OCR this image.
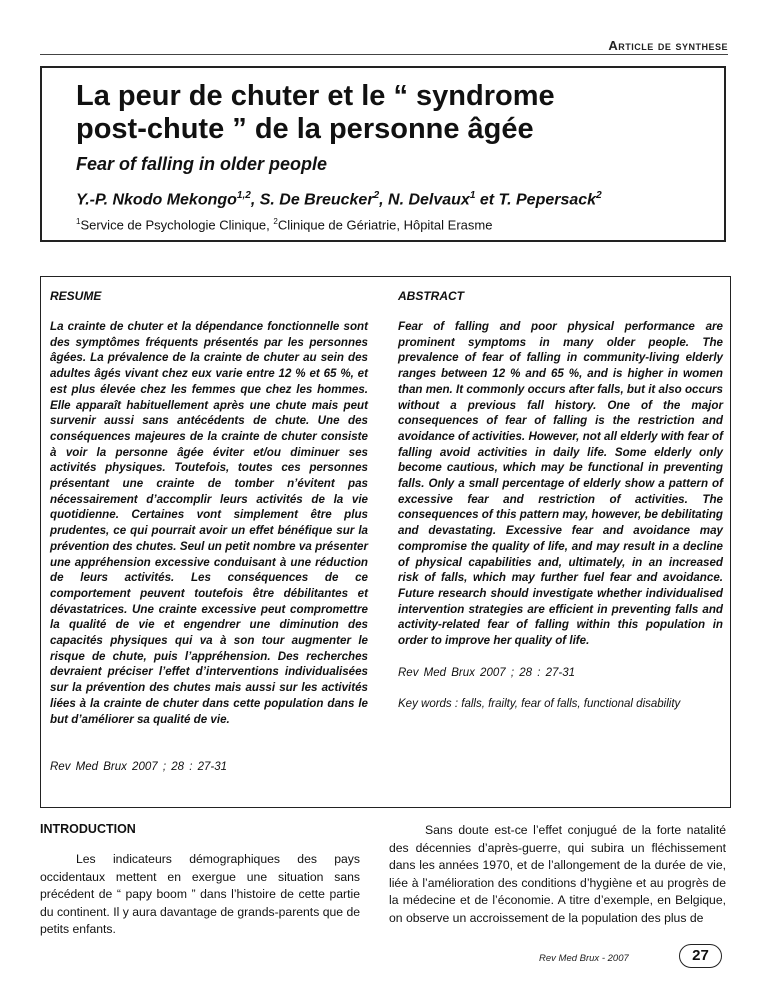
Article de synthese
La peur de chuter et le “ syndrome
post-chute ” de la personne âgée
Fear of falling in older people
Y.-P. Nkodo Mekongo$^{1,2}$, S. De Breucker$^2$, N. Delvaux$^1$ et T. Pepersack$^2$
$^1$Service de Psychologie Clinique, $^2$Clinique de Gériatrie, Hôpital Erasme

RESUME

La crainte de chuter et la dépendance fonctionnelle sont des symptômes fréquents présentés par les personnes âgées. La prévalence de la crainte de chuter au sein des adultes âgés vivant chez eux varie entre 12 % et 65 %, et est plus élevée chez les femmes que chez les hommes. Elle apparaît habituellement après une chute mais peut survenir aussi sans antécédents de chute. Une des conséquences majeures de la crainte de chuter consiste à voir la personne âgée éviter et/ou diminuer ses activités physiques. Toutefois, toutes ces personnes présentant une crainte de tomber n’évitent pas nécessairement d’accomplir leurs activités de la vie quotidienne. Certaines vont simplement être plus prudentes, ce qui pourrait avoir un effet bénéfique sur la prévention des chutes. Seul un petit nombre va présenter une appréhension excessive conduisant à une réduction de leurs activités. Les conséquences de ce comportement peuvent toutefois être débilitantes et dévastatrices. Une crainte excessive peut compromettre la qualité de vie et engendrer une diminution des capacités physiques qui va à son tour augmenter le risque de chute, puis l’appréhension. Des recherches devraient préciser l’effet d’interventions individualisées sur la prévention des chutes mais aussi sur les activités liées à la crainte de chuter dans cette population dans le but d’améliorer sa qualité de vie.

Rev Med Brux 2007 ; 28 : 27-31

ABSTRACT

Fear of falling and poor physical performance are prominent symptoms in many older people. The prevalence of fear of falling in community-living elderly ranges between 12 % and 65 %, and is higher in women than men. It commonly occurs after falls, but it also occurs without a previous fall history. One of the major consequences of fear of falling is the restriction and avoidance of activities. However, not all elderly with fear of falling avoid activities in daily life. Some elderly only become cautious, which may be functional in preventing falls. Only a small percentage of elderly show a pattern of excessive fear and restriction of activities. The consequences of this pattern may, however, be debilitating and devastating. Excessive fear and avoidance may compromise the quality of life, and may result in a decline of physical capabilities and, ultimately, in an increased risk of falls, which may further fuel fear and avoidance. Future research should investigate whether individualised intervention strategies are efficient in preventing falls and activity-related fear of falling within this population in order to improve her quality of life.

Rev Med Brux 2007 ; 28 : 27-31

Key words : falls, frailty, fear of falls, functional disability

INTRODUCTION

Les indicateurs démographiques des pays occidentaux mettent en exergue une situation sans précédent de “ papy boom ” dans l’histoire de cette partie du continent. Il y aura davantage de grands-parents que de petits enfants.

Sans doute est-ce l’effet conjugué de la forte natalité des décennies d’après-guerre, qui subira un fléchissement dans les années 1970, et de l’allongement de la durée de vie, liée à l’amélioration des conditions d’hygiène et au progrès de la médecine et de l’économie. A titre d’exemple, en Belgique, on observe un accroissement de la population des plus de

Rev Med Brux - 2007	27
